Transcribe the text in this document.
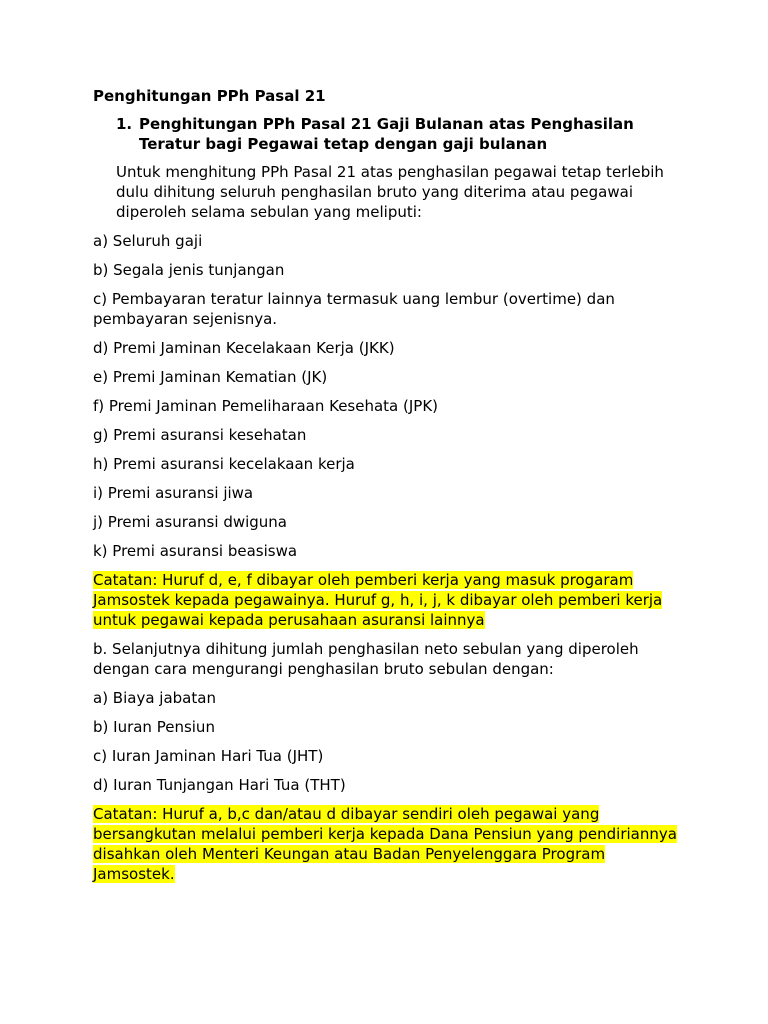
Penghitungan PPh Pasal 21
1. Penghitungan PPh Pasal 21 Gaji Bulanan atas Penghasilan Teratur bagi Pegawai tetap dengan gaji bulanan
Untuk menghitung PPh Pasal 21 atas penghasilan pegawai tetap terlebih dulu dihitung seluruh penghasilan bruto yang diterima atau pegawai diperoleh selama sebulan yang meliputi:
a) Seluruh gaji
b) Segala jenis tunjangan
c) Pembayaran teratur lainnya termasuk uang lembur (overtime) dan pembayaran sejenisnya.
d) Premi Jaminan Kecelakaan Kerja (JKK)
e) Premi Jaminan Kematian (JK)
f) Premi Jaminan Pemeliharaan Kesehata (JPK)
g) Premi asuransi kesehatan
h) Premi asuransi kecelakaan kerja
i) Premi asuransi jiwa
j) Premi asuransi dwiguna
k) Premi asuransi beasiswa
Catatan: Huruf d, e, f dibayar oleh pemberi kerja yang masuk progaram Jamsostek kepada pegawainya. Huruf g, h, i, j, k dibayar oleh pemberi kerja untuk pegawai kepada perusahaan asuransi lainnya
b. Selanjutnya dihitung jumlah penghasilan neto sebulan yang diperoleh dengan cara mengurangi penghasilan bruto sebulan dengan:
a) Biaya jabatan
b) Iuran Pensiun
c) Iuran Jaminan Hari Tua (JHT)
d) Iuran Tunjangan Hari Tua (THT)
Catatan: Huruf a, b,c dan/atau d dibayar sendiri oleh pegawai yang bersangkutan melalui pemberi kerja kepada Dana Pensiun yang pendiriannya disahkan oleh Menteri Keungan atau Badan Penyelenggara Program Jamsostek.
